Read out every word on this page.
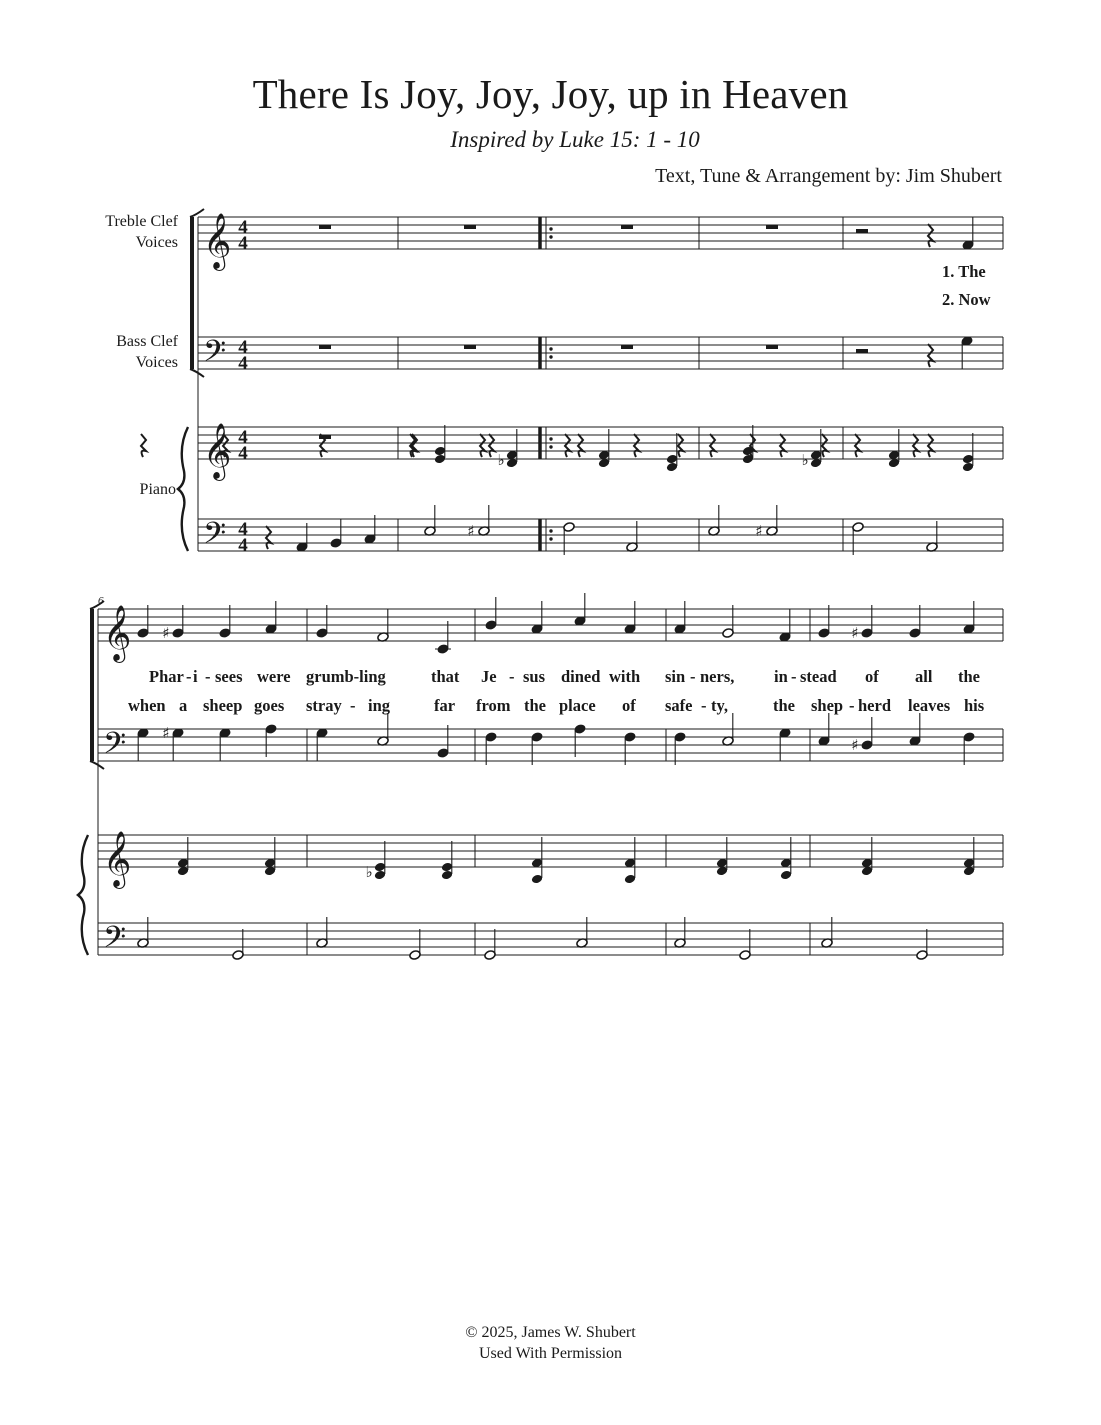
There Is Joy, Joy, Joy, up in Heaven
Inspired by Luke 15: 1 - 10
Text, Tune & Arrangement by: Jim Shubert
Treble Clef
Voices
Bass Clef
Voices
Piano
𝄞
𝄢
𝄞
𝄢
4
4
4
4
4
4
4
4
𝄞
𝄢
𝄞
𝄢
♭	♭
♯	♯
♯	♯
♯
♯
♭
1. The
2. Now
6
Phar - i - sees were grumb-ling	that Je - sus dined with sin - ners, in - stead of all the
when a sheep goes stray - ing	far from the place of safe - ty,	the shep - herd leaves his
© 2025, James W. Shubert
Used With Permission
